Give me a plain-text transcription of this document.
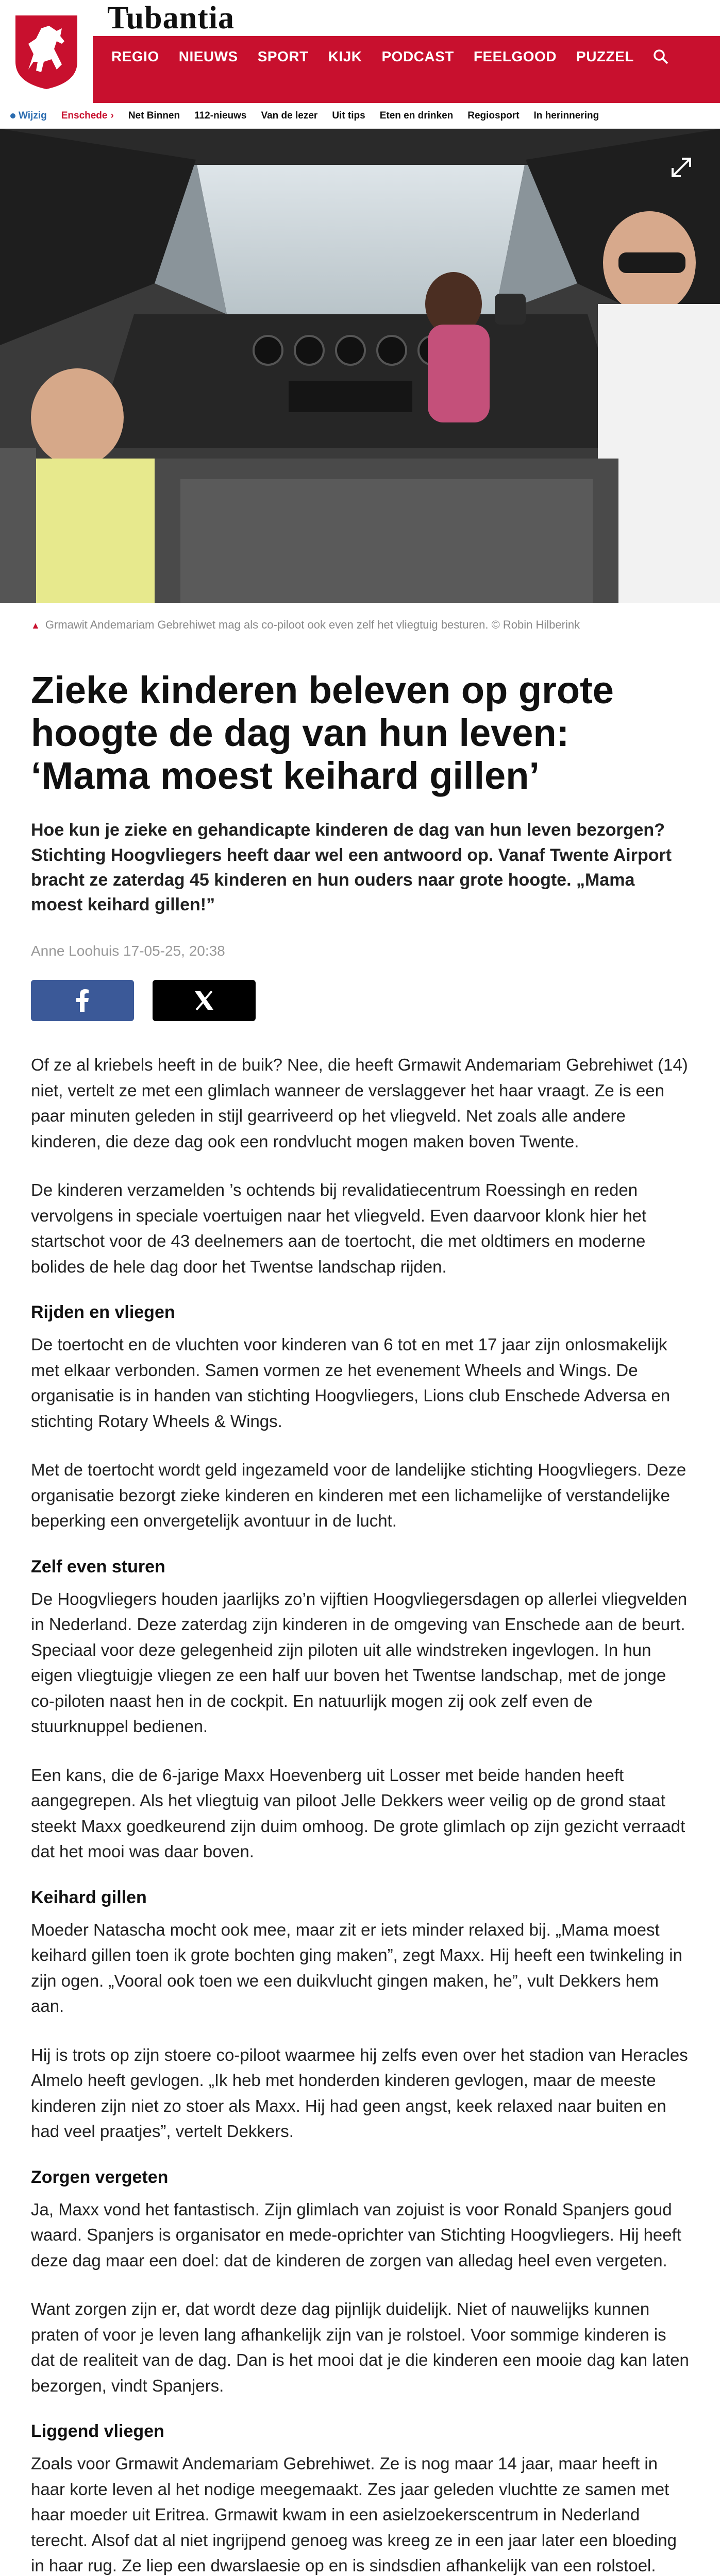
Tubantia
REGIO	NIEUWS	SPORT	KIJK	PODCAST	FEELGOOD	PUZZEL
Wijzig Enschede › Net Binnen 112-nieuws Van de lezer Uit tips Eten en drinken Regiosport In herinnering
▲ Grmawit Andemariam Gebrehiwet mag als co-piloot ook even zelf het vliegtuig besturen. © Robin Hilberink
Zieke kinderen beleven op grote hoogte de dag van hun leven: ‘Mama moest keihard gillen’

Hoe kun je zieke en gehandicapte kinderen de dag van hun leven bezorgen? Stichting Hoogvliegers heeft daar wel een antwoord op. Vanaf Twente Airport bracht ze zaterdag 45 kinderen en hun ouders naar grote hoogte. „Mama moest keihard gillen!”

Anne Loohuis 17-05-25, 20:38

Of ze al kriebels heeft in de buik? Nee, die heeft Grmawit Andemariam Gebrehiwet (14) niet, vertelt ze met een glimlach wanneer de verslaggever het haar vraagt. Ze is een paar minuten geleden in stijl gearriveerd op het vliegveld. Net zoals alle andere kinderen, die deze dag ook een rondvlucht mogen maken boven Twente.

De kinderen verzamelden ’s ochtends bij revalidatiecentrum Roessingh en reden vervolgens in speciale voertuigen naar het vliegveld. Even daarvoor klonk hier het startschot voor de 43 deelnemers aan de toertocht, die met oldtimers en moderne bolides de hele dag door het Twentse landschap rijden.

Rijden en vliegen

De toertocht en de vluchten voor kinderen van 6 tot en met 17 jaar zijn onlosmakelijk met elkaar verbonden. Samen vormen ze het evenement Wheels and Wings. De organisatie is in handen van stichting Hoogvliegers, Lions club Enschede Adversa en stichting Rotary Wheels & Wings.

Met de toertocht wordt geld ingezameld voor de landelijke stichting Hoogvliegers. Deze organisatie bezorgt zieke kinderen en kinderen met een lichamelijke of verstandelijke beperking een onvergetelijk avontuur in de lucht.

Zelf even sturen

De Hoogvliegers houden jaarlijks zo’n vijftien Hoogvliegersdagen op allerlei vliegvelden in Nederland. Deze zaterdag zijn kinderen in de omgeving van Enschede aan de beurt. Speciaal voor deze gelegenheid zijn piloten uit alle windstreken ingevlogen. In hun eigen vliegtuigje vliegen ze een half uur boven het Twentse landschap, met de jonge co-piloten naast hen in de cockpit. En natuurlijk mogen zij ook zelf even de stuurknuppel bedienen.

Een kans, die de 6-jarige Maxx Hoevenberg uit Losser met beide handen heeft aangegrepen. Als het vliegtuig van piloot Jelle Dekkers weer veilig op de grond staat steekt Maxx goedkeurend zijn duim omhoog. De grote glimlach op zijn gezicht verraadt dat het mooi was daar boven.

Keihard gillen

Moeder Natascha mocht ook mee, maar zit er iets minder relaxed bij. „Mama moest keihard gillen toen ik grote bochten ging maken”, zegt Maxx. Hij heeft een twinkeling in zijn ogen. „Vooral ook toen we een duikvlucht gingen maken, he”, vult Dekkers hem aan.

Hij is trots op zijn stoere co-piloot waarmee hij zelfs even over het stadion van Heracles Almelo heeft gevlogen. „Ik heb met honderden kinderen gevlogen, maar de meeste kinderen zijn niet zo stoer als Maxx. Hij had geen angst, keek relaxed naar buiten en had veel praatjes”, vertelt Dekkers.

Zorgen vergeten

Ja, Maxx vond het fantastisch. Zijn glimlach van zojuist is voor Ronald Spanjers goud waard. Spanjers is organisator en mede-oprichter van Stichting Hoogvliegers. Hij heeft deze dag maar een doel: dat de kinderen de zorgen van alledag heel even vergeten.

Want zorgen zijn er, dat wordt deze dag pijnlijk duidelijk. Niet of nauwelijks kunnen praten of voor je leven lang afhankelijk zijn van je rolstoel. Voor sommige kinderen is dat de realiteit van de dag. Dan is het mooi dat je die kinderen een mooie dag kan laten bezorgen, vindt Spanjers.

Liggend vliegen

Zoals voor Grmawit Andemariam Gebrehiwet. Ze is nog maar 14 jaar, maar heeft in haar korte leven al het nodige meegemaakt. Zes jaar geleden vluchtte ze samen met haar moeder uit Eritrea. Grmawit kwam in een asielzoekerscentrum in Nederland terecht. Alsof dat al niet ingrijpend genoeg was kreeg ze in een jaar later een bloeding in haar rug. Ze liep een dwarslaesie op en is sindsdien afhankelijk van een rolstoel.
